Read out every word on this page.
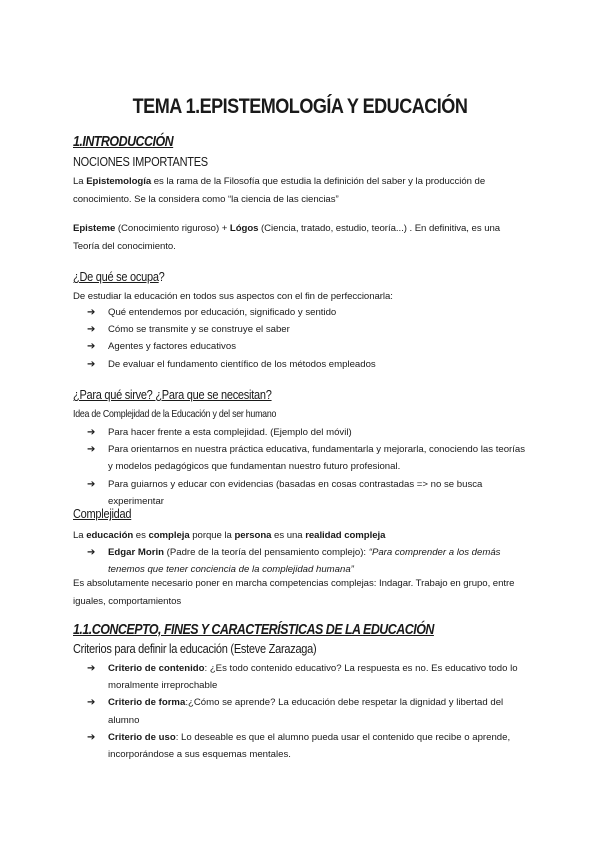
TEMA 1.EPISTEMOLOGÍA Y EDUCACIÓN
1.INTRODUCCIÓN
NOCIONES IMPORTANTES
La Epistemología es la rama de la Filosofía que estudia la definición del saber y la producción de conocimiento. Se la considera como “la ciencia de las ciencias”
Episteme (Conocimiento riguroso) + Lógos (Ciencia, tratado, estudio, teoría...) . En definitiva, es una Teoría del conocimiento.
¿De qué se ocupa?
De estudiar la educación en todos sus aspectos con el fin de perfeccionarla:
➔ Qué entendemos por educación, significado y sentido
➔ Cómo se transmite y se construye el saber
➔ Agentes y factores educativos
➔ De evaluar el fundamento científico de los métodos empleados
¿Para qué sirve? ¿Para que se necesitan?
Idea de Complejidad de la Educación y del ser humano
➔ Para hacer frente a esta complejidad. (Ejemplo del móvil)
➔ Para orientarnos en nuestra práctica educativa, fundamentarla y mejorarla, conociendo las teorías y modelos pedagógicos que fundamentan nuestro futuro profesional.
➔ Para guiarnos y educar con evidencias (basadas en cosas contrastadas => no se busca experimentar
Complejidad
La educación es compleja porque la persona es una realidad compleja
➔ Edgar Morin (Padre de la teoría del pensamiento complejo): “Para comprender a los demás tenemos que tener conciencia de la complejidad humana”
Es absolutamente necesario poner en marcha competencias complejas: Indagar. Trabajo en grupo, entre iguales, comportamientos
1.1.CONCEPTO, FINES Y CARACTERÍSTICAS DE LA EDUCACIÓN
Criterios para definir la educación (Esteve Zarazaga)
➔ Criterio de contenido: ¿Es todo contenido educativo? La respuesta es no. Es educativo todo lo moralmente irreprochable
➔ Criterio de forma:¿Cómo se aprende? La educación debe respetar la dignidad y libertad del alumno
➔ Criterio de uso: Lo deseable es que el alumno pueda usar el contenido que recibe o aprende, incorporándose a sus esquemas mentales.
